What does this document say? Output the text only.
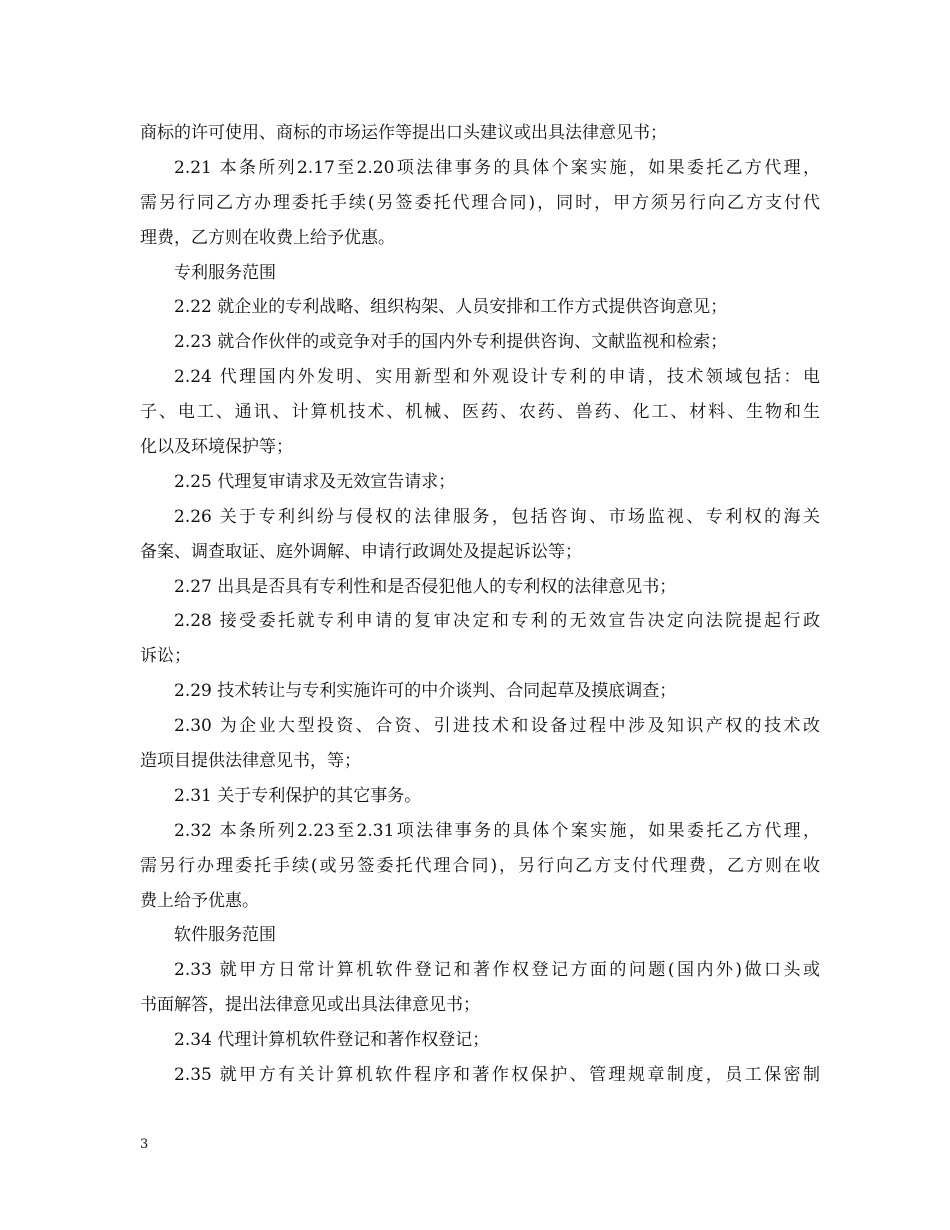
商标的许可使用、商标的市场运作等提出口头建议或出具法律意见书；
2.21 本条所列2.17至2.20项法律事务的具体个案实施，如果委托乙方代理，
需另行同乙方办理委托手续(另签委托代理合同)，同时，甲方须另行向乙方支付代
理费，乙方则在收费上给予优惠。
专利服务范围
2.22 就企业的专利战略、组织构架、人员安排和工作方式提供咨询意见；
2.23 就合作伙伴的或竞争对手的国内外专利提供咨询、文献监视和检索；
2.24 代理国内外发明、实用新型和外观设计专利的申请，技术领域包括：电
子、电工、通讯、计算机技术、机械、医药、农药、兽药、化工、材料、生物和生
化以及环境保护等；
2.25 代理复审请求及无效宣告请求；
2.26 关于专利纠纷与侵权的法律服务，包括咨询、市场监视、专利权的海关
备案、调查取证、庭外调解、申请行政调处及提起诉讼等；
2.27 出具是否具有专利性和是否侵犯他人的专利权的法律意见书；
2.28 接受委托就专利申请的复审决定和专利的无效宣告决定向法院提起行政
诉讼；
2.29 技术转让与专利实施许可的中介谈判、合同起草及摸底调查；
2.30 为企业大型投资、合资、引进技术和设备过程中涉及知识产权的技术改
造项目提供法律意见书，等；
2.31 关于专利保护的其它事务。
2.32 本条所列2.23至2.31项法律事务的具体个案实施，如果委托乙方代理，
需另行办理委托手续(或另签委托代理合同)，另行向乙方支付代理费，乙方则在收
费上给予优惠。
软件服务范围
2.33 就甲方日常计算机软件登记和著作权登记方面的问题(国内外)做口头或
书面解答，提出法律意见或出具法律意见书；
2.34 代理计算机软件登记和著作权登记；
2.35 就甲方有关计算机软件程序和著作权保护、管理规章制度，员工保密制
3
